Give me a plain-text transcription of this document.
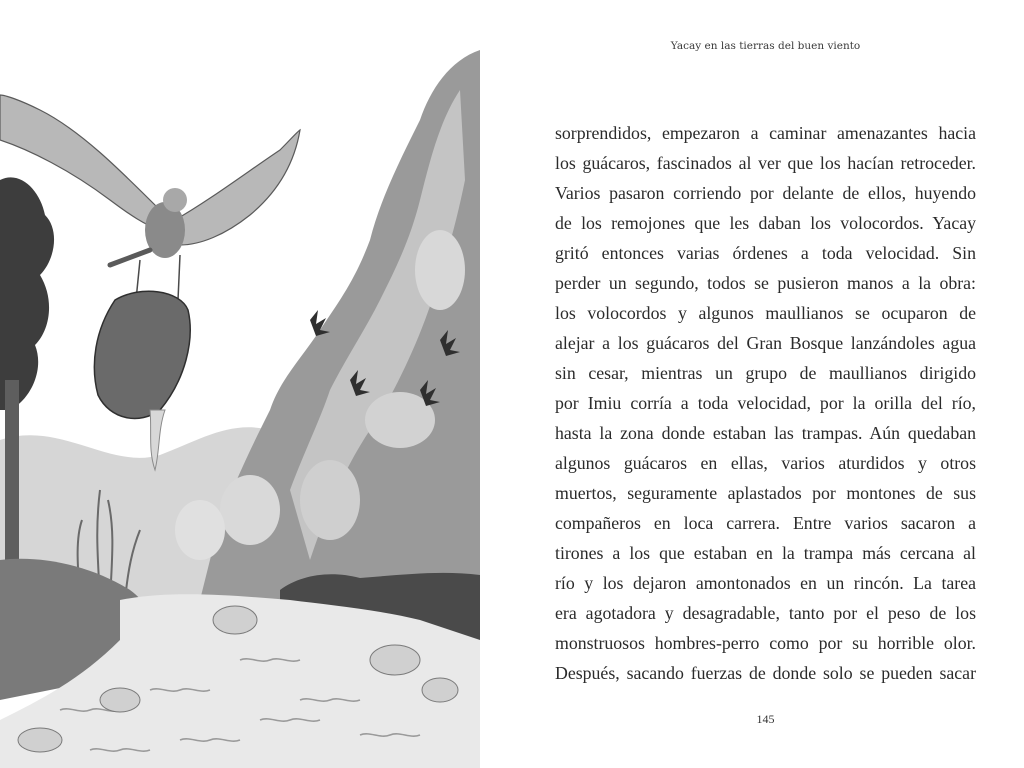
Yacay en las tierras del buen viento
sorprendidos, empezaron a caminar amenazantes hacia
los guácaros, fascinados al ver que los hacían retroceder.
Varios pasaron corriendo por delante de ellos, huyendo
de los remojones que les daban los volocordos. Yacay
gritó entonces varias órdenes a toda velocidad. Sin
perder un segundo, todos se pusieron manos a la obra:
los volocordos y algunos maullianos se ocuparon de
alejar a los guácaros del Gran Bosque lanzándoles agua
sin cesar, mientras un grupo de maullianos dirigido
por Imiu corría a toda velocidad, por la orilla del río,
hasta la zona donde estaban las trampas. Aún quedaban
algunos guácaros en ellas, varios aturdidos y otros
muertos, seguramente aplastados por montones de sus
compañeros en loca carrera. Entre varios sacaron a
tirones a los que estaban en la trampa más cercana al
río y los dejaron amontonados en un rincón. La tarea
era agotadora y desagradable, tanto por el peso de los
monstruosos hombres-perro como por su horrible olor.
Después, sacando fuerzas de donde solo se pueden sacar
145
